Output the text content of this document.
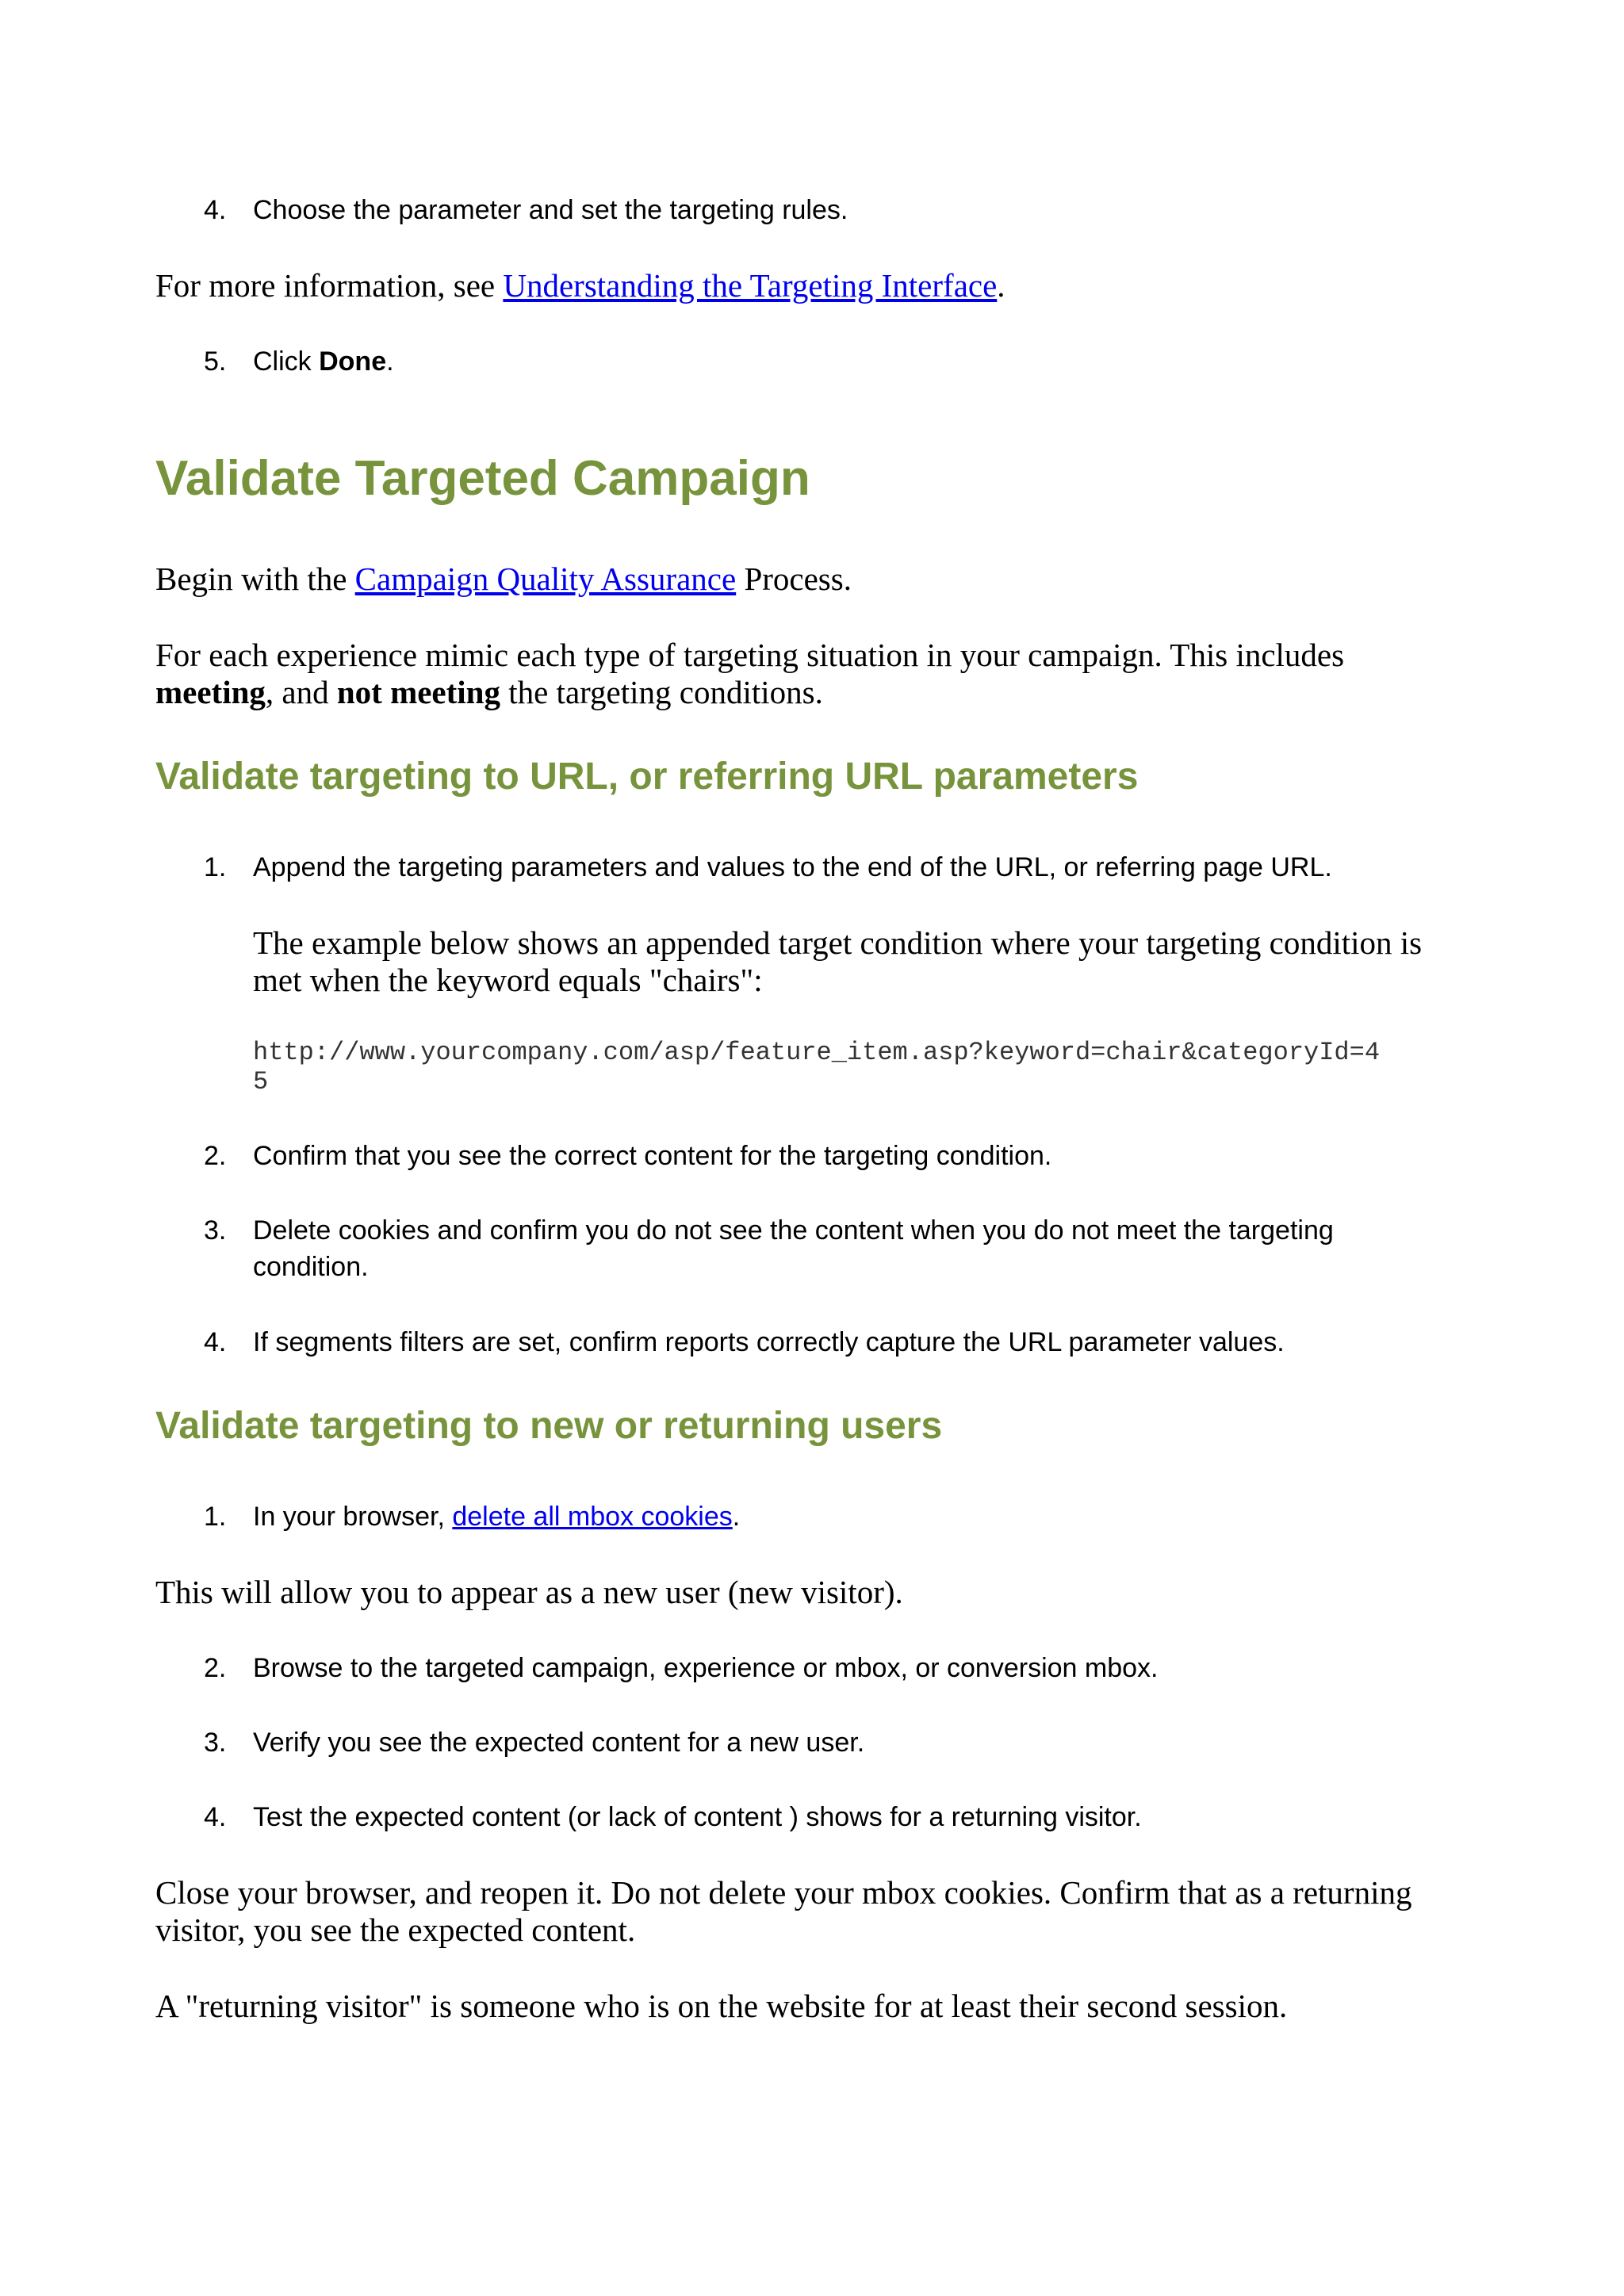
4. Choose the parameter and set the targeting rules.
For more information, see Understanding the Targeting Interface.
5. Click Done.
Validate Targeted Campaign
Begin with the Campaign Quality Assurance Process.
For each experience mimic each type of targeting situation in your campaign. This includes
meeting, and not meeting the targeting conditions.
Validate targeting to URL, or referring URL parameters
1. Append the targeting parameters and values to the end of the URL, or referring page URL.
The example below shows an appended target condition where your targeting condition is
met when the keyword equals "chairs":
http://www.yourcompany.com/asp/feature_item.asp?keyword=chair&categoryId=4
5
2. Confirm that you see the correct content for the targeting condition.
3. Delete cookies and confirm you do not see the content when you do not meet the targeting
condition.
4. If segments filters are set, confirm reports correctly capture the URL parameter values.
Validate targeting to new or returning users
1. In your browser, delete all mbox cookies.
This will allow you to appear as a new user (new visitor).
2. Browse to the targeted campaign, experience or mbox, or conversion mbox.
3. Verify you see the expected content for a new user.
4. Test the expected content (or lack of content ) shows for a returning visitor.
Close your browser, and reopen it. Do not delete your mbox cookies. Confirm that as a returning
visitor, you see the expected content.
A "returning visitor" is someone who is on the website for at least their second session.
